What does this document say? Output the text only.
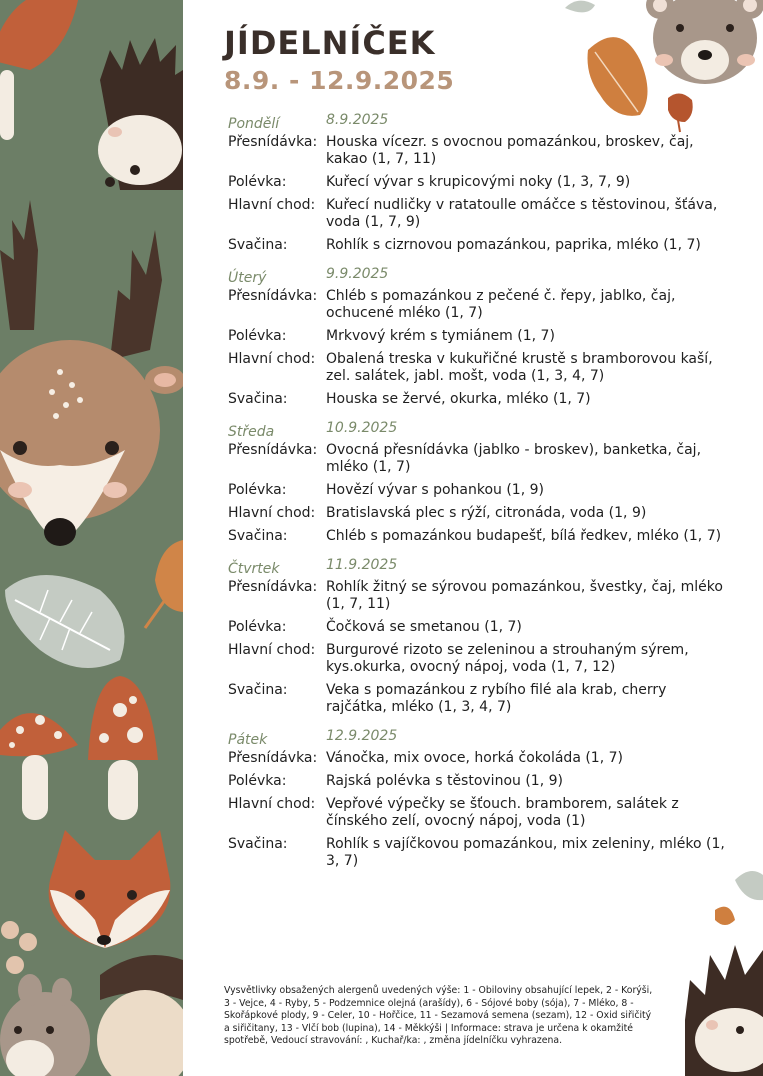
JÍDELNÍČEK
8.9. - 12.9.2025
Pondělí	8.9.2025
Přesnídávka: Houska vícezr. s ovocnou pomazánkou, broskev, čaj, kakao (1, 7, 11)
Polévka:	Kuřecí vývar s krupicovými noky (1, 3, 7, 9)
Hlavní chod: Kuřecí nudličky v ratatoulle omáčce s těstovinou, šťáva, voda (1, 7, 9)
Svačina:	Rohlík s cizrnovou pomazánkou, paprika, mléko (1, 7)
Úterý	9.9.2025
Přesnídávka: Chléb s pomazánkou z pečené č. řepy, jablko, čaj, ochucené mléko (1, 7)
Polévka:	Mrkvový krém s tymiánem (1, 7)
Hlavní chod: Obalená treska v kukuřičné krustě s bramborovou kaší, zel. salátek, jabl. mošt, voda (1, 3, 4, 7)
Svačina:	Houska se žervé, okurka, mléko (1, 7)
Středa	10.9.2025
Přesnídávka: Ovocná přesnídávka (jablko - broskev), banketka, čaj, mléko (1, 7)
Polévka:	Hovězí vývar s pohankou (1, 9)
Hlavní chod: Bratislavská plec s rýží, citronáda, voda (1, 9)
Svačina:	Chléb s pomazánkou budapešť, bílá ředkev, mléko (1, 7)
Čtvrtek	11.9.2025
Přesnídávka: Rohlík žitný se sýrovou pomazánkou, švestky, čaj, mléko (1, 7, 11)
Polévka:	Čočková se smetanou (1, 7)
Hlavní chod: Burgurové rizoto se zeleninou a strouhaným sýrem, kys.okurka, ovocný nápoj, voda (1, 7, 12)
Svačina:	Veka s pomazánkou z rybího filé ala krab, cherry rajčátka, mléko (1, 3, 4, 7)
Pátek	12.9.2025
Přesnídávka: Vánočka, mix ovoce, horká čokoláda (1, 7)
Polévka:	Rajská polévka s těstovinou (1, 9)
Hlavní chod: Vepřové výpečky se šťouch. bramborem, salátek z čínského zelí, ovocný nápoj, voda (1)
Svačina:	Rohlík s vajíčkovou pomazánkou, mix zeleniny, mléko (1, 3, 7)
Vysvětlivky obsažených alergenů uvedených výše: 1 - Obiloviny obsahující lepek, 2 - Korýši, 3 - Vejce, 4 - Ryby, 5 - Podzemnice olejná (arašídy), 6 - Sójové boby (sója), 7 - Mléko, 8 - Skořápkové plody, 9 - Celer, 10 - Hořčice, 11 - Sezamová semena (sezam), 12 - Oxid siřičitý a siřičitany, 13 - Vlčí bob (lupina), 14 - Měkkýši | Informace: strava je určena k okamžité spotřebě, Vedoucí stravování: , Kuchař/ka: , změna jídelníčku vyhrazena.
